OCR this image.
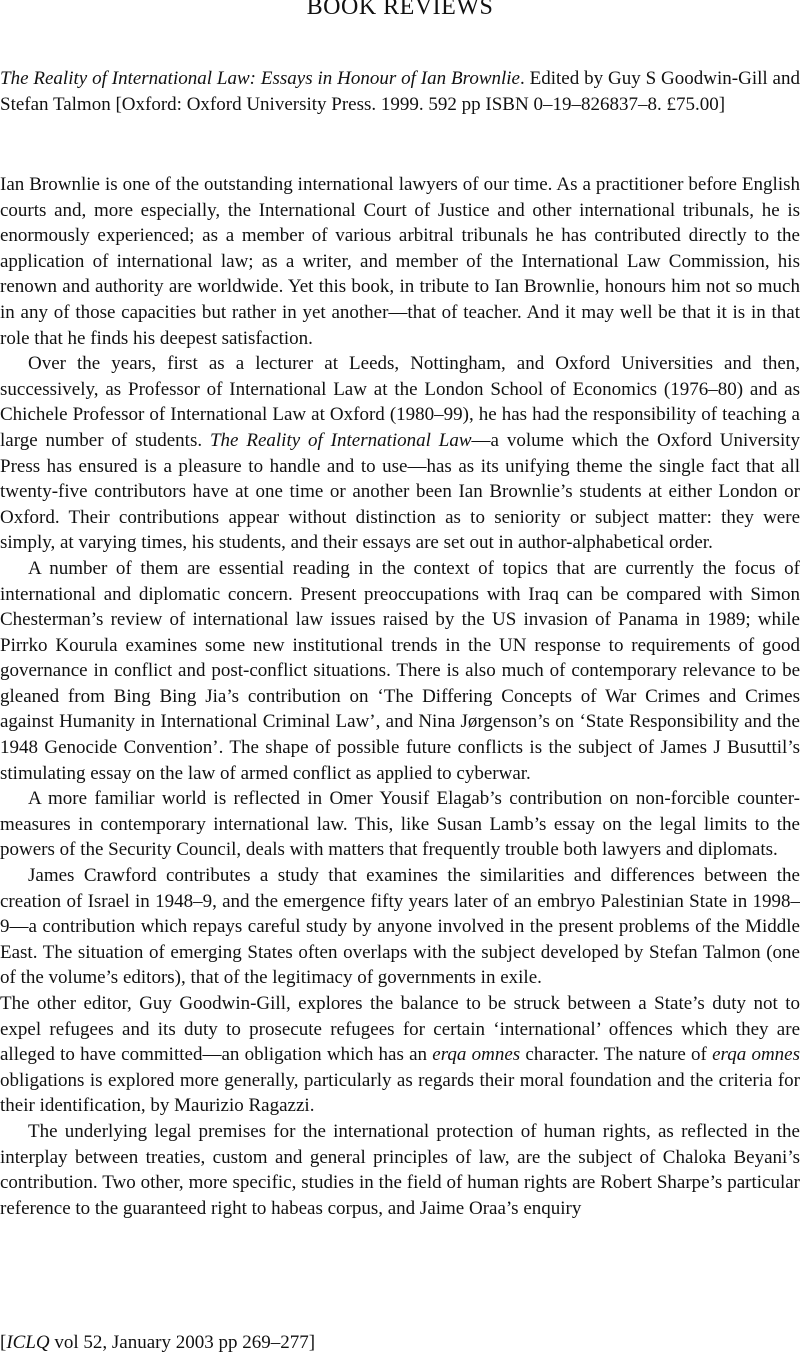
BOOK REVIEWS

The Reality of International Law: Essays in Honour of Ian Brownlie. Edited by Guy S Goodwin-Gill and Stefan Talmon [Oxford: Oxford University Press. 1999. 592 pp ISBN 0–19–826837–8. £75.00]

Ian Brownlie is one of the outstanding international lawyers of our time. As a practitioner before English courts and, more especially, the International Court of Justice and other international tribunals, he is enormously experienced; as a member of various arbitral tribunals he has contributed directly to the application of international law; as a writer, and member of the International Law Commission, his renown and authority are worldwide. Yet this book, in tribute to Ian Brownlie, honours him not so much in any of those capacities but rather in yet another—that of teacher. And it may well be that it is in that role that he finds his deepest satisfaction.

Over the years, first as a lecturer at Leeds, Nottingham, and Oxford Universities and then, successively, as Professor of International Law at the London School of Economics (1976–80) and as Chichele Professor of International Law at Oxford (1980–99), he has had the responsibility of teaching a large number of students. The Reality of International Law—a volume which the Oxford University Press has ensured is a pleasure to handle and to use—has as its unifying theme the single fact that all twenty-five contributors have at one time or another been Ian Brownlie’s students at either London or Oxford. Their contributions appear without distinction as to seniority or subject matter: they were simply, at varying times, his students, and their essays are set out in author-alphabetical order.

A number of them are essential reading in the context of topics that are currently the focus of international and diplomatic concern. Present preoccupations with Iraq can be compared with Simon Chesterman’s review of international law issues raised by the US invasion of Panama in 1989; while Pirrko Kourula examines some new institutional trends in the UN response to requirements of good governance in conflict and post-conflict situations. There is also much of contemporary relevance to be gleaned from Bing Bing Jia’s contribution on ‘The Differing Concepts of War Crimes and Crimes against Humanity in International Criminal Law’, and Nina Jørgenson’s on ‘State Responsibility and the 1948 Genocide Convention’. The shape of possible future conflicts is the subject of James J Busuttil’s stimulating essay on the law of armed conflict as applied to cyberwar.

A more familiar world is reflected in Omer Yousif Elagab’s contribution on non-forcible counter-measures in contemporary international law. This, like Susan Lamb’s essay on the legal limits to the powers of the Security Council, deals with matters that frequently trouble both lawyers and diplomats.

James Crawford contributes a study that examines the similarities and differences between the creation of Israel in 1948–9, and the emergence fifty years later of an embryo Palestinian State in 1998–9—a contribution which repays careful study by anyone involved in the present problems of the Middle East. The situation of emerging States often overlaps with the subject developed by Stefan Talmon (one of the volume’s editors), that of the legitimacy of governments in exile.

The other editor, Guy Goodwin-Gill, explores the balance to be struck between a State’s duty not to expel refugees and its duty to prosecute refugees for certain ‘international’ offences which they are alleged to have committed—an obligation which has an erqa omnes character. The nature of erqa omnes obligations is explored more generally, particularly as regards their moral foundation and the criteria for their identification, by Maurizio Ragazzi.

The underlying legal premises for the international protection of human rights, as reflected in the interplay between treaties, custom and general principles of law, are the subject of Chaloka Beyani’s contribution. Two other, more specific, studies in the field of human rights are Robert Sharpe’s particular reference to the guaranteed right to habeas corpus, and Jaime Oraa’s enquiry

[ICLQ vol 52, January 2003 pp 269–277]
